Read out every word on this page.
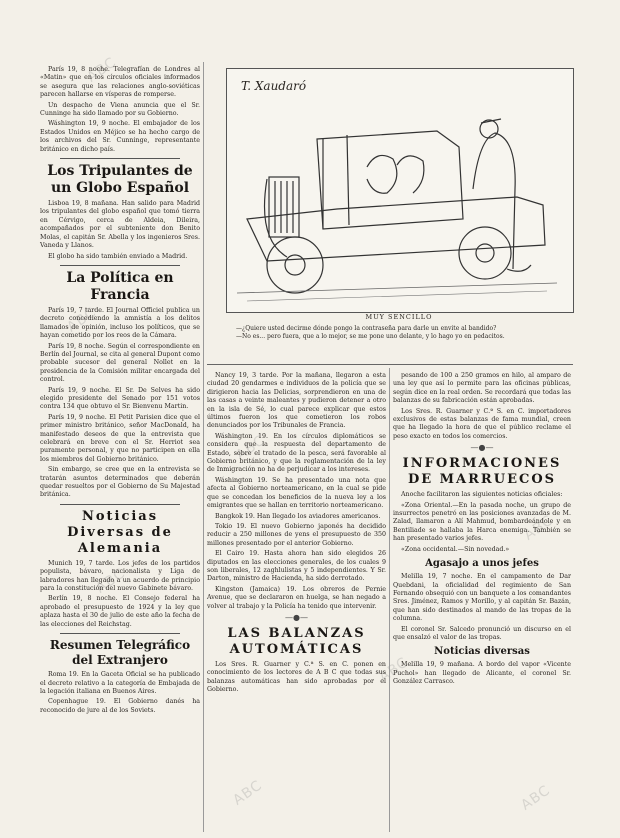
ABC
ABC
ABC
ABC
ABC
ABC
ABC	ABC

París 19, 8 noche. Telegrafían de Londres al «Matin» que en los círculos oficiales informados se asegura que las relaciones anglo-soviéticas parecen hallarse en vísperas de romperse.

Un despacho de Viena anuncia que el Sr. Cunninge ha sido llamado por su Gobierno.

Wáshington 19, 9 noche. El embajador de los Estados Unidos en Méjico se ha hecho cargo de los archivos del Sr. Cunninge, representante británico en dicho país.

Los Tripulantes de un Globo Español

Lisboa 19, 8 mañana. Han salido para Madrid los tripulantes del globo español que tomó tierra en Cérvigo, cerca de Aldeia, Dileira, acompañados por el subteniente don Benito Molas, el capitán Sr. Abella y los ingenieros Sres. Vaneda y Llanos.

El globo ha sido también enviado a Madrid.

La Política en Francia

París 19, 7 tarde. El Journal Officiel publica un decreto concediendo la amnistía a los delitos llamados de opinión, incluso los políticos, que se hayan cometido por los reos de la Cámara.

París 19, 8 noche. Según el correspondiente en Berlín del Journal, se cita al general Dupont como probable sucesor del general Nollet en la presidencia de la Comisión militar encargada del control.

París 19, 9 noche. El Sr. De Selves ha sido elegido presidente del Senado por 151 votos contra 134 que obtuvo el Sr. Bienvenu Martin.

París 19, 9 noche. El Petit Parisien dice que el primer ministro británico, señor MacDonald, ha manifestado deseos de que la entrevista que celebrará en breve con el Sr. Herriot sea puramente personal, y que no participen en ella los miembros del Gobierno británico.

Sin embargo, se cree que en la entrevista se tratarán asuntos determinados que deberán quedar resueltos por el Gobierno de Su Majestad británica.

Noticias Diversas de Alemania

Munich 19, 7 tarde. Los jefes de los partidos populista, bávaro, nacionalista y Liga de labradores han llegado a un acuerdo de principio para la constitución del nuevo Gabinete bávaro.

Berlín 19, 8 noche. El Consejo federal ha aprobado el presupuesto de 1924 y la ley que aplaza hasta el 30 de julio de este año la fecha de las elecciones del Reichstag.

Resumen Telegráfico del Extranjero

Roma 19. En la Gaceta Oficial se ha publicado el decreto relativo a la categoría de Embajada de la legación italiana en Buenos Aires.

Copenhague 19. El Gobierno danés ha reconocido de jure al de los Soviets.

T. Xaudaró
MUY SENCILLO

—¿Quiere usted decirme dónde pongo la contraseña para darle un envite al bandido?

—No es... pero fuera, que a lo mejor, se me pone uno delante, y lo hago yo en pedacitos.

Nancy 19, 3 tarde. Por la mañana, llegaron a esta ciudad 20 gendarmes e individuos de la policía que se dirigieron hacia las Delicias, sorprendieron en una de las casas a veinte maleantes y pudieron detener a otro en la isla de Sé, lo cual parece explicar que estos últimos fueron los que cometieron los robos denunciados por los Tribunales de Francia.

Wáshington 19. En los círculos diplomáticos se considera que la respuesta del departamento de Estado, sobre el tratado de la pesca, será favorable al Gobierno británico, y que la reglamentación de la ley de Inmigración no ha de perjudicar a los intereses.

Wáshington 19. Se ha presentado una nota que afecta al Gobierno norteamericano, en la cual se pide que se concedan los beneficios de la nueva ley a los emigrantes que se hallan en territorio norteamericano.

Bangkok 19. Han llegado los aviadores americanos.

Tokio 19. El nuevo Gobierno japonés ha decidido reducir a 250 millones de yens el presupuesto de 350 millones presentado por el anterior Gobierno.

El Cairo 19. Hasta ahora han sido elegidos 26 diputados en las elecciones generales, de los cuales 9 son liberales, 12 zaghlulistas y 5 independientes. Y Sr. Darton, ministro de Hacienda, ha sido derrotado.

Kingston (Jamaica) 19. Los obreros de Pernie Avenue, que se declararon en huelga, se han negado a volver al trabajo y la Policía ha tenido que intervenir.

—●—
LAS BALANZAS AUTOMÁTICAS

Los Sres. R. Guarner y C.ª S. en C. ponen en conocimiento de los lectores de A B C que todas sus balanzas automáticas han sido aprobadas por el Gobierno.

pesando de 100 a 250 gramos en hilo, al amparo de una ley que así lo permite para las oficinas públicas, según dice en la real orden. Se recordará que todas las balanzas de su fabricación están aprobadas.

Los Sres. R. Guarner y C.ª S. en C. importadores exclusivos de estas balanzas de fama mundial, creen que ha llegado la hora de que el público reclame el peso exacto en todos los comercios.

—●—
INFORMACIONES DE MARRUECOS

Anoche facilitaron las siguientes noticias oficiales:

«Zona Oriental.—En la pasada noche, un grupo de insurrectos penetró en las posiciones avanzadas de M. Zalad, llamaron a Alí Mahmud, bombardeándole y en Bentiliade se hallaba la Harca enemiga. También se han presentado varios jefes.

«Zona occidental.—Sin novedad.»

Agasajo a unos jefes

Melilla 19, 7 noche. En el campamento de Dar Quebdani, la oficialidad del regimiento de San Fernando obsequió con un banquete a los comandantes Sres. Jiménez, Ramos y Morillo, y al capitán Sr. Bazán, que han sido destinados al mando de las tropas de la columna.

El coronel Sr. Salcedo pronunció un discurso en el que ensalzó el valor de las tropas.

Noticias diversas

Melilla 19, 9 mañana. A bordo del vapor «Vicente Puchol» han llegado de Alicante, el coronel Sr. González Carrasco.
